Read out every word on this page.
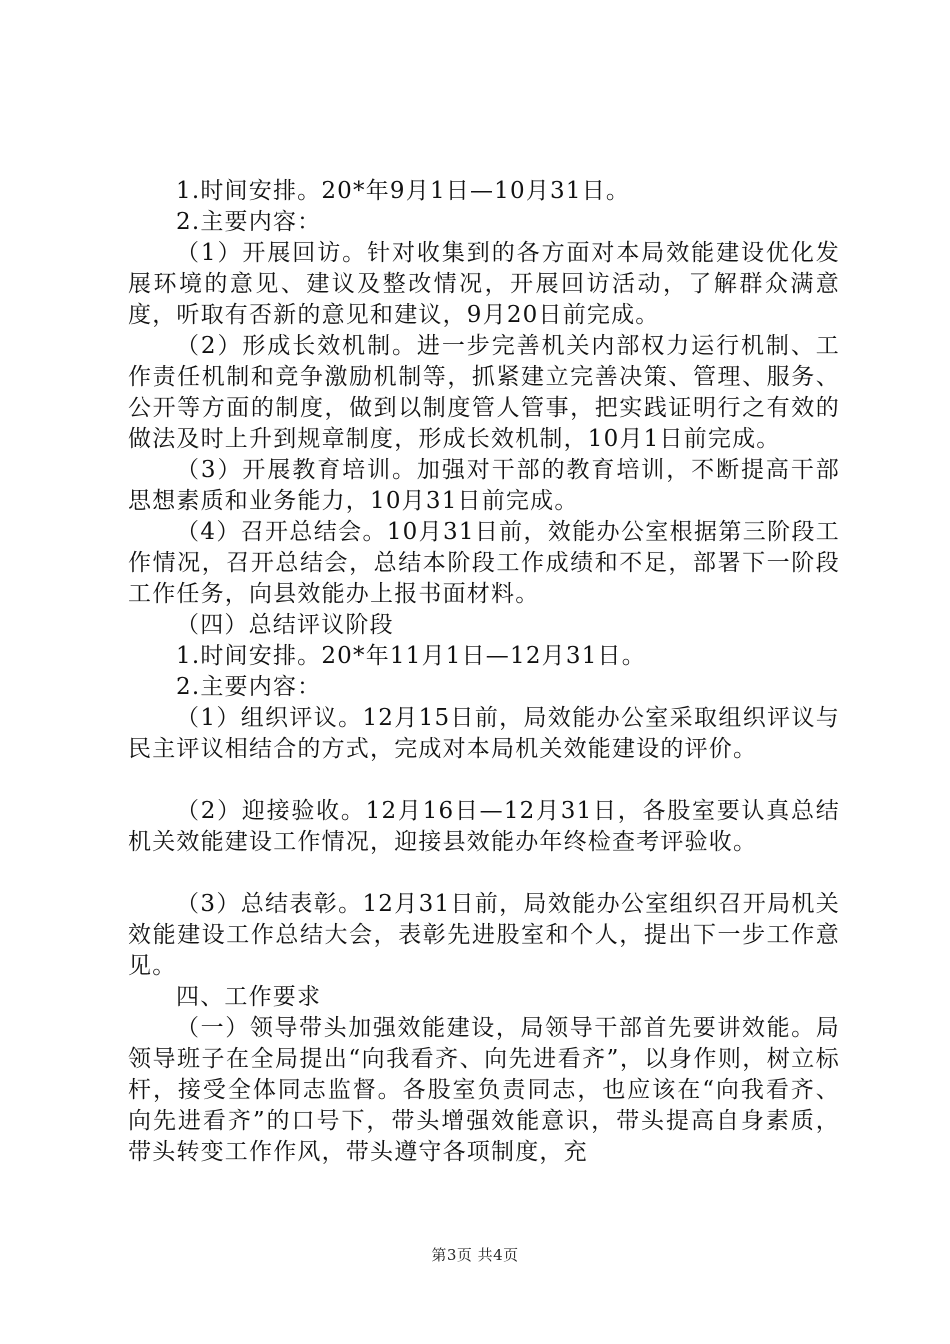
1.时间安排。20*年9月1日—10月31日。

2.主要内容：

（1）开展回访。针对收集到的各方面对本局效能建设优化发展环境的意见、建议及整改情况，开展回访活动，了解群众满意度，听取有否新的意见和建议，9月20日前完成。

（2）形成长效机制。进一步完善机关内部权力运行机制、工作责任机制和竞争激励机制等，抓紧建立完善决策、管理、服务、公开等方面的制度，做到以制度管人管事，把实践证明行之有效的做法及时上升到规章制度，形成长效机制，10月1日前完成。

（3）开展教育培训。加强对干部的教育培训，不断提高干部思想素质和业务能力，10月31日前完成。

（4）召开总结会。10月31日前，效能办公室根据第三阶段工作情况，召开总结会，总结本阶段工作成绩和不足，部署下一阶段工作任务，向县效能办上报书面材料。

（四）总结评议阶段

1.时间安排。20*年11月1日—12月31日。

2.主要内容：

（1）组织评议。12月15日前，局效能办公室采取组织评议与民主评议相结合的方式，完成对本局机关效能建设的评价。

（2）迎接验收。12月16日—12月31日，各股室要认真总结机关效能建设工作情况，迎接县效能办年终检查考评验收。

（3）总结表彰。12月31日前，局效能办公室组织召开局机关效能建设工作总结大会，表彰先进股室和个人，提出下一步工作意见。

四、工作要求

（一）领导带头加强效能建设，局领导干部首先要讲效能。局领导班子在全局提出“向我看齐、向先进看齐”，以身作则，树立标杆，接受全体同志监督。各股室负责同志，也应该在“向我看齐、向先进看齐”的口号下，带头增强效能意识，带头提高自身素质，带头转变工作作风，带头遵守各项制度，充

第3页 共4页
